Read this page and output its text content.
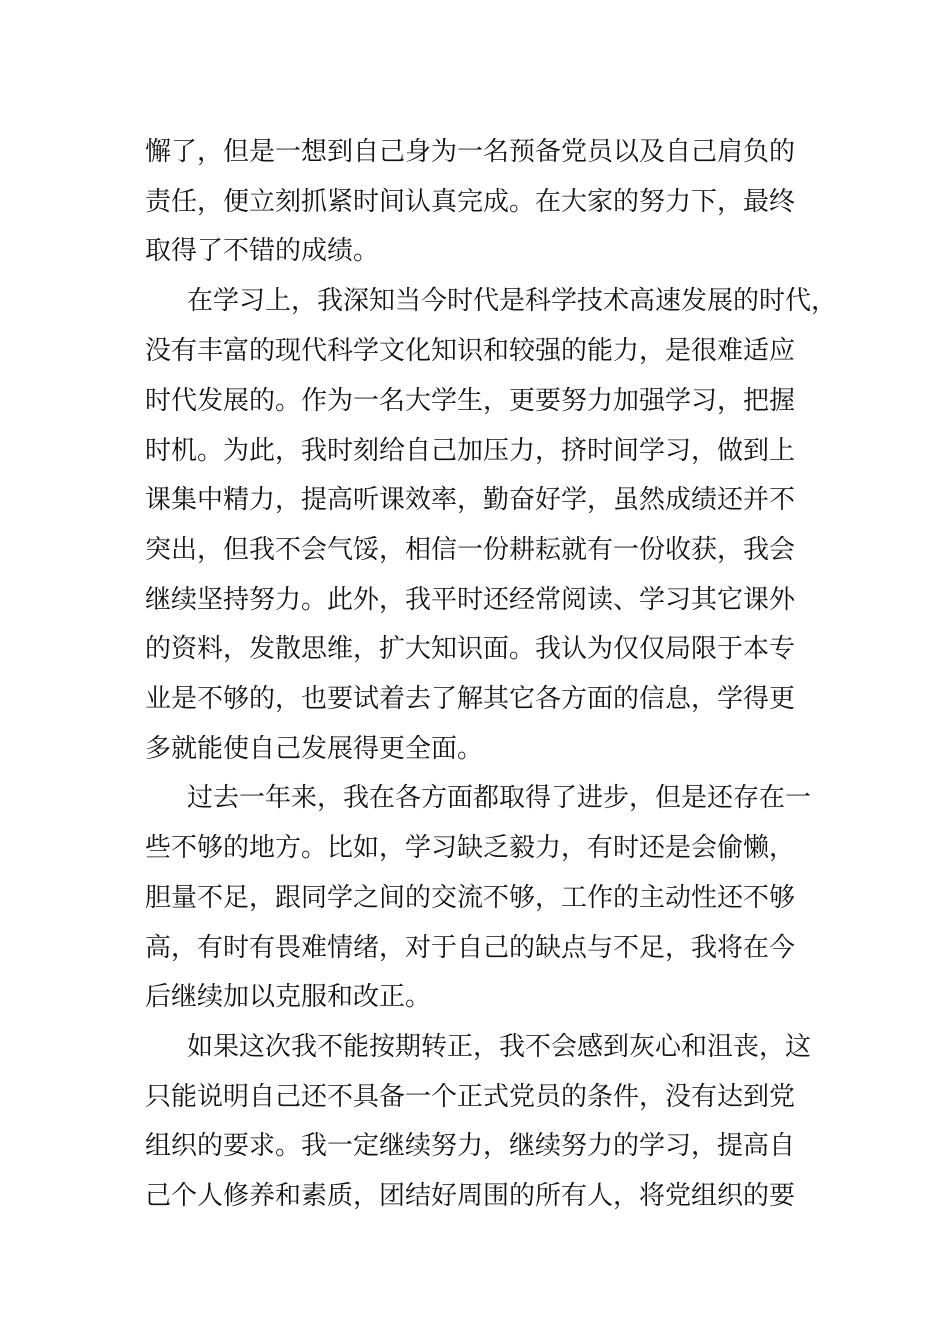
懈了，但是一想到自己身为一名预备党员以及自己肩负的
责任，便立刻抓紧时间认真完成。在大家的努力下，最终
取得了不错的成绩。
在学习上，我深知当今时代是科学技术高速发展的时代，
没有丰富的现代科学文化知识和较强的能力，是很难适应
时代发展的。作为一名大学生，更要努力加强学习，把握
时机。为此，我时刻给自己加压力，挤时间学习，做到上
课集中精力，提高听课效率，勤奋好学，虽然成绩还并不
突出，但我不会气馁，相信一份耕耘就有一份收获，我会
继续坚持努力。此外，我平时还经常阅读、学习其它课外
的资料，发散思维，扩大知识面。我认为仅仅局限于本专
业是不够的，也要试着去了解其它各方面的信息，学得更
多就能使自己发展得更全面。
过去一年来，我在各方面都取得了进步，但是还存在一
些不够的地方。比如，学习缺乏毅力，有时还是会偷懒，
胆量不足，跟同学之间的交流不够，工作的主动性还不够
高，有时有畏难情绪，对于自己的缺点与不足，我将在今
后继续加以克服和改正。
如果这次我不能按期转正，我不会感到灰心和沮丧，这
只能说明自己还不具备一个正式党员的条件，没有达到党
组织的要求。我一定继续努力，继续努力的学习，提高自
己个人修养和素质，团结好周围的所有人，将党组织的要
